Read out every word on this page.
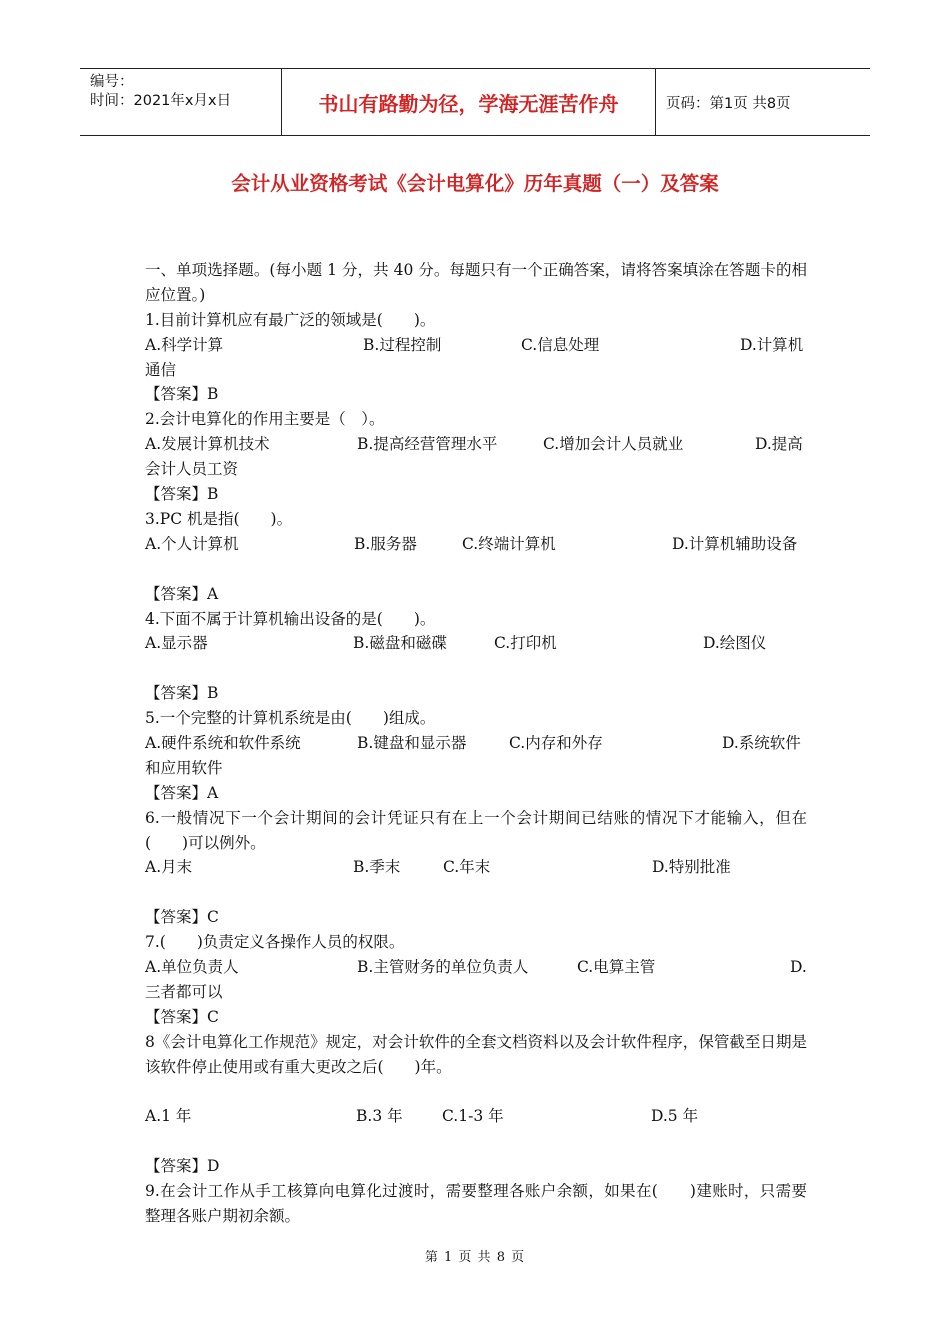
编号：
时间：2021年x月x日	书山有路勤为径，学海无涯苦作舟	页码：第1页 共8页
会计从业资格考试《会计电算化》历年真题（一）及答案
一、单项选择题。(每小题 1 分，共 40 分。每题只有一个正确答案，请将答案填涂在答题卡的相应位置。)
1.目前计算机应有最广泛的领域是(　　)。
A.科学计算	B.过程控制	C.信息处理	D.计算机
通信
【答案】B
2.会计电算化的作用主要是（　）。
A.发展计算机技术	B.提高经营管理水平	C.增加会计人员就业	D.提高
会计人员工资
【答案】B
3.PC 机是指(　　)。
A.个人计算机	B.服务器	C.终端计算机	D.计算机辅助设备
【答案】A
4.下面不属于计算机输出设备的是(　　)。
A.显示器	B.磁盘和磁碟	C.打印机	D.绘图仪
【答案】B
5.一个完整的计算机系统是由(　　)组成。
A.硬件系统和软件系统	B.键盘和显示器	C.内存和外存	D.系统软件
和应用软件
【答案】A
6.一般情况下一个会计期间的会计凭证只有在上一个会计期间已结账的情况下才能输入，但在(　　)可以例外。
A.月末	B.季末	C.年末	D.特别批准
【答案】C
7.(　　)负责定义各操作人员的权限。
A.单位负责人	B.主管财务的单位负责人	C.电算主管	D.
三者都可以
【答案】C
8《会计电算化工作规范》规定，对会计软件的全套文档资料以及会计软件程序，保管截至日期是该软件停止使用或有重大更改之后(　　)年。
A.1 年	B.3 年	C.1-3 年	D.5 年
【答案】D
9.在会计工作从手工核算向电算化过渡时，需要整理各账户余额，如果在(　　)建账时，只需要整理各账户期初余额。
第 1 页 共 8 页
